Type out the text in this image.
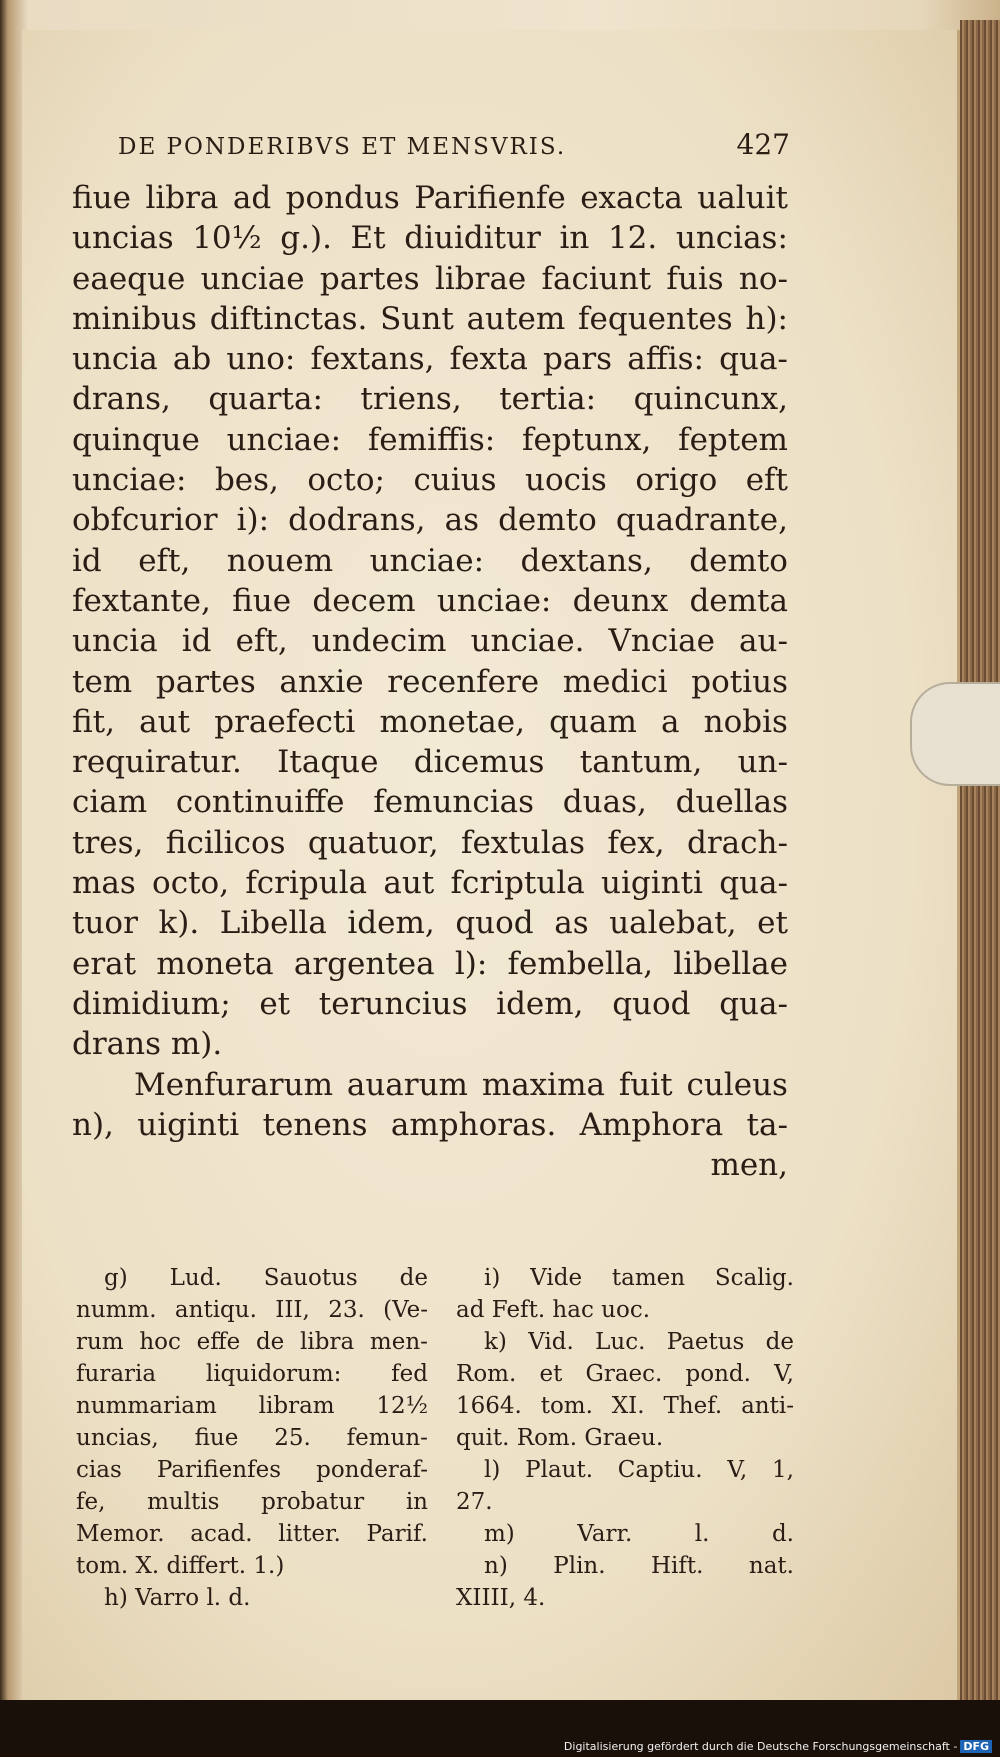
DE PONDERIBVS ET MENSVRIS.	427
fiue libra ad pondus Parifienfe exacta ualuit
uncias 10½ g.). Et diuiditur in 12. uncias:
eaeque unciae partes librae faciunt fuis no-
minibus diftinctas. Sunt autem fequentes h):
uncia ab uno: fextans, fexta pars affis: qua-
drans, quarta: triens, tertia: quincunx,
quinque unciae: femiffis: feptunx, feptem
unciae: bes, octo; cuius uocis origo eft
obfcurior i): dodrans, as demto quadrante,
id eft, nouem unciae: dextans, demto
fextante, fiue decem unciae: deunx demta
uncia id eft, undecim unciae. Vnciae au-
tem partes anxie recenfere medici potius
fit, aut praefecti monetae, quam a nobis
requiratur. Itaque dicemus tantum, un-
ciam continuiffe femuncias duas, duellas
tres, ficilicos quatuor, fextulas fex, drach-
mas octo, fcripula aut fcriptula uiginti qua-
tuor k). Libella idem, quod as ualebat, et
erat moneta argentea l): fembella, libellae
dimidium; et teruncius idem, quod qua-
drans m).
Menfurarum auarum maxima fuit culeus
n), uiginti tenens amphoras. Amphora ta-
men,
g) Lud. Sauotus de
numm. antiqu. III, 23. (Ve-
rum hoc effe de libra men-
furaria liquidorum: fed
nummariam libram 12½
uncias, fiue 25. femun-
cias Parifienfes ponderaf-
fe, multis probatur in
Memor. acad. litter. Parif.
tom. X. differt. 1.)
h) Varro l. d.
i) Vide tamen Scalig.
ad Feft. hac uoc.
k) Vid. Luc. Paetus de
Rom. et Graec. pond. V,
1664. tom. XI. Thef. anti-
quit. Rom. Graeu.
l) Plaut. Captiu. V, 1,
27.
m)	Varr.	l.	d.
n) Plin. Hift. nat.
XIIII, 4.
Digitalisierung gefördert durch die Deutsche Forschungsgemeinschaft - DFG
